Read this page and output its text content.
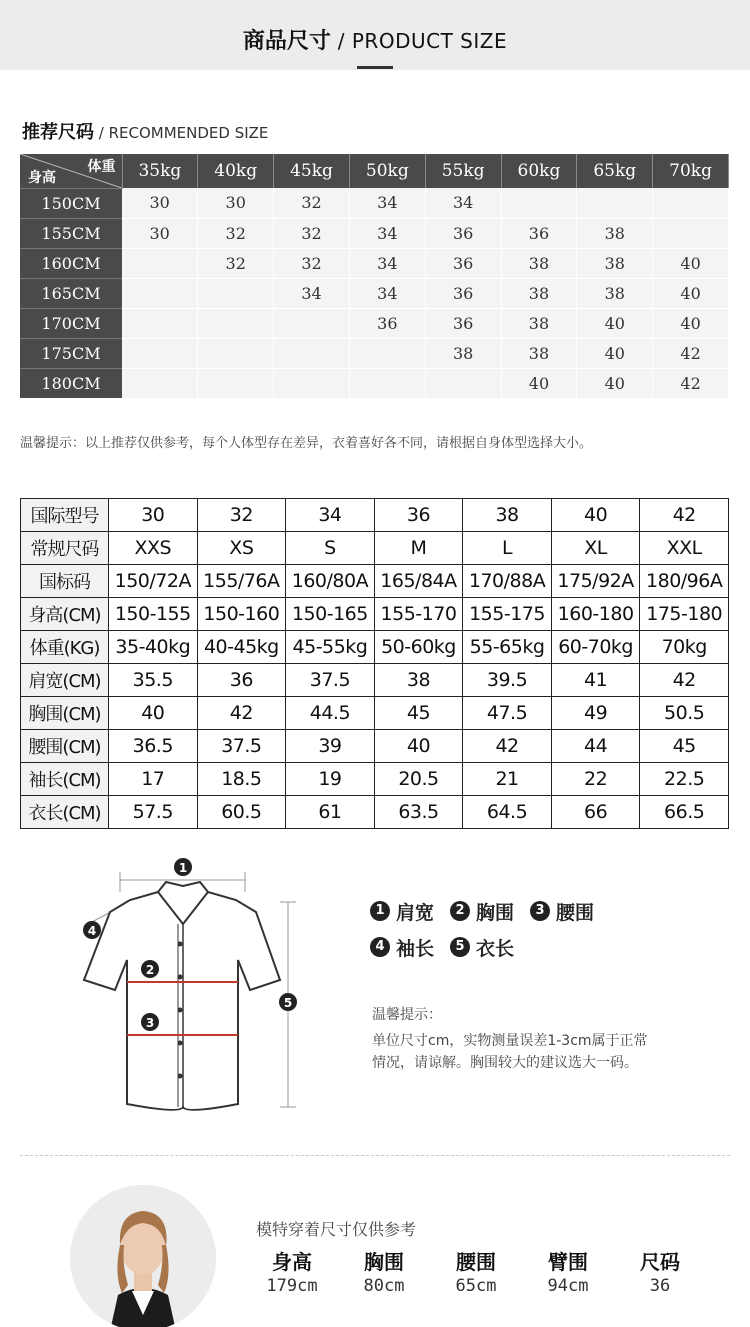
商品尺寸 / PRODUCT SIZE
推荐尺码 / RECOMMENDED SIZE
体重
身高	35kg	40kg	45kg	50kg	55kg	60kg	65kg	70kg
150CM	30	30	32	34	34			
155CM	30	32	32	34	36	36	38	
160CM		32	32	34	36	38	38	40
165CM			34	34	36	38	38	40
170CM				36	36	38	40	40
175CM					38	38	40	42
180CM						40	40	42
温馨提示：以上推荐仅供参考，每个人体型存在差异，衣着喜好各不同，请根据自身体型选择大小。
国际型号	30	32	34	36	38	40	42
常规尺码	XXS	XS	S	M	L	XL	XXL
国标码	150/72A	155/76A	160/80A	165/84A	170/88A	175/92A	180/96A
身高(CM)	150-155	150-160	150-165	155-170	155-175	160-180	175-180
体重(KG)	35-40kg	40-45kg	45-55kg	50-60kg	55-65kg	60-70kg	70kg
肩宽(CM)	35.5	36	37.5	38	39.5	41	42
胸围(CM)	40	42	44.5	45	47.5	49	50.5
腰围(CM)	36.5	37.5	39	40	42	44	45
袖长(CM)	17	18.5	19	20.5	21	22	22.5
衣长(CM)	57.5	60.5	61	63.5	64.5	66	66.5
1
2
3
4
5
1 肩宽	2 胸围	3 腰围
4 袖长	5 衣长
温馨提示：
单位尺寸cm，实物测量误差1-3cm属于正常
情况，请谅解。胸围较大的建议选大一码。
模特穿着尺寸仅供参考
身高
179cm
胸围
80cm
腰围
65cm
臂围
94cm
尺码
36
